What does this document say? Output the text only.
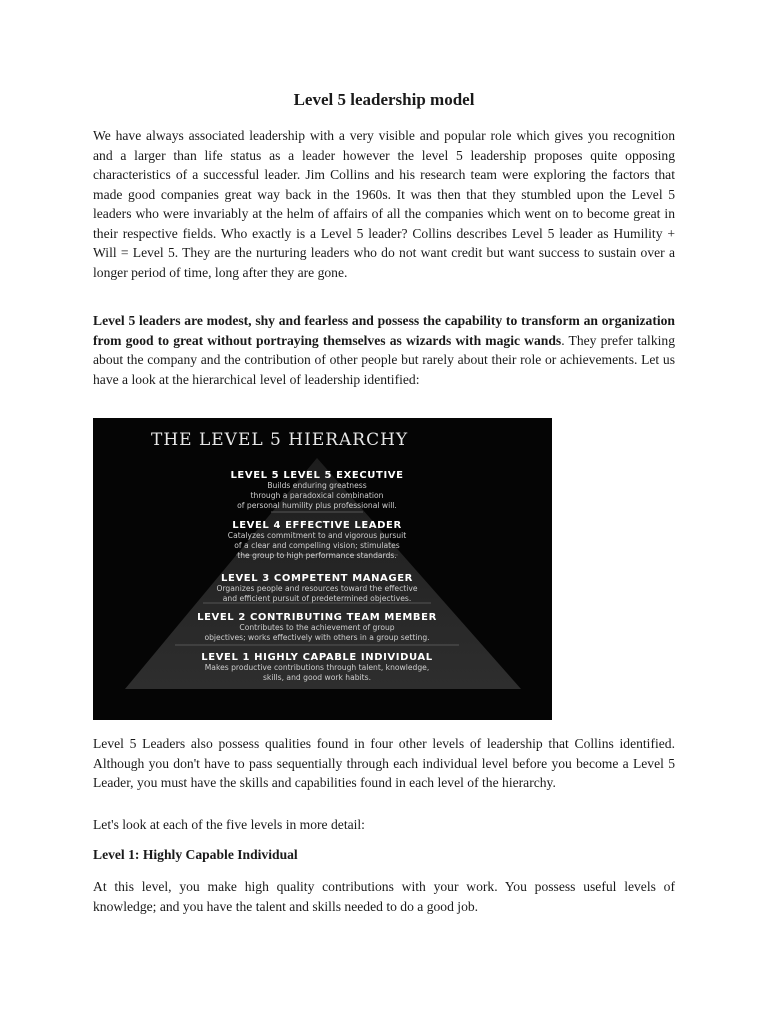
Level 5 leadership model

We have always associated leadership with a very visible and popular role which gives you recognition and a larger than life status as a leader however the level 5 leadership proposes quite opposing characteristics of a successful leader. Jim Collins and his research team were exploring the factors that made good companies great way back in the 1960s. It was then that they stumbled upon the Level 5 leaders who were invariably at the helm of affairs of all the companies which went on to become great in their respective fields. Who exactly is a Level 5 leader? Collins describes Level 5 leader as Humility + Will = Level 5. They are the nurturing leaders who do not want credit but want success to sustain over a longer period of time, long after they are gone.

Level 5 leaders are modest, shy and fearless and possess the capability to transform an organization from good to great without portraying themselves as wizards with magic wands. They prefer talking about the company and the contribution of other people but rarely about their role or achievements. Let us have a look at the hierarchical level of leadership identified:

THE LEVEL 5 HIERARCHY
LEVEL 5 LEVEL 5 EXECUTIVE
Builds enduring greatness
through a paradoxical combination
of personal humility plus professional will.
LEVEL 4 EFFECTIVE LEADER
Catalyzes commitment to and vigorous pursuit
of a clear and compelling vision; stimulates
the group to high performance standards.
LEVEL 3 COMPETENT MANAGER
Organizes people and resources toward the effective
and efficient pursuit of predetermined objectives.
LEVEL 2 CONTRIBUTING TEAM MEMBER
Contributes to the achievement of group
objectives; works effectively with others in a group setting.
LEVEL 1 HIGHLY CAPABLE INDIVIDUAL
Makes productive contributions through talent, knowledge,
skills, and good work habits.

Level 5 Leaders also possess qualities found in four other levels of leadership that Collins identified. Although you don't have to pass sequentially through each individual level before you become a Level 5 Leader, you must have the skills and capabilities found in each level of the hierarchy.

Let's look at each of the five levels in more detail:

Level 1: Highly Capable Individual

At this level, you make high quality contributions with your work. You possess useful levels of knowledge; and you have the talent and skills needed to do a good job.
